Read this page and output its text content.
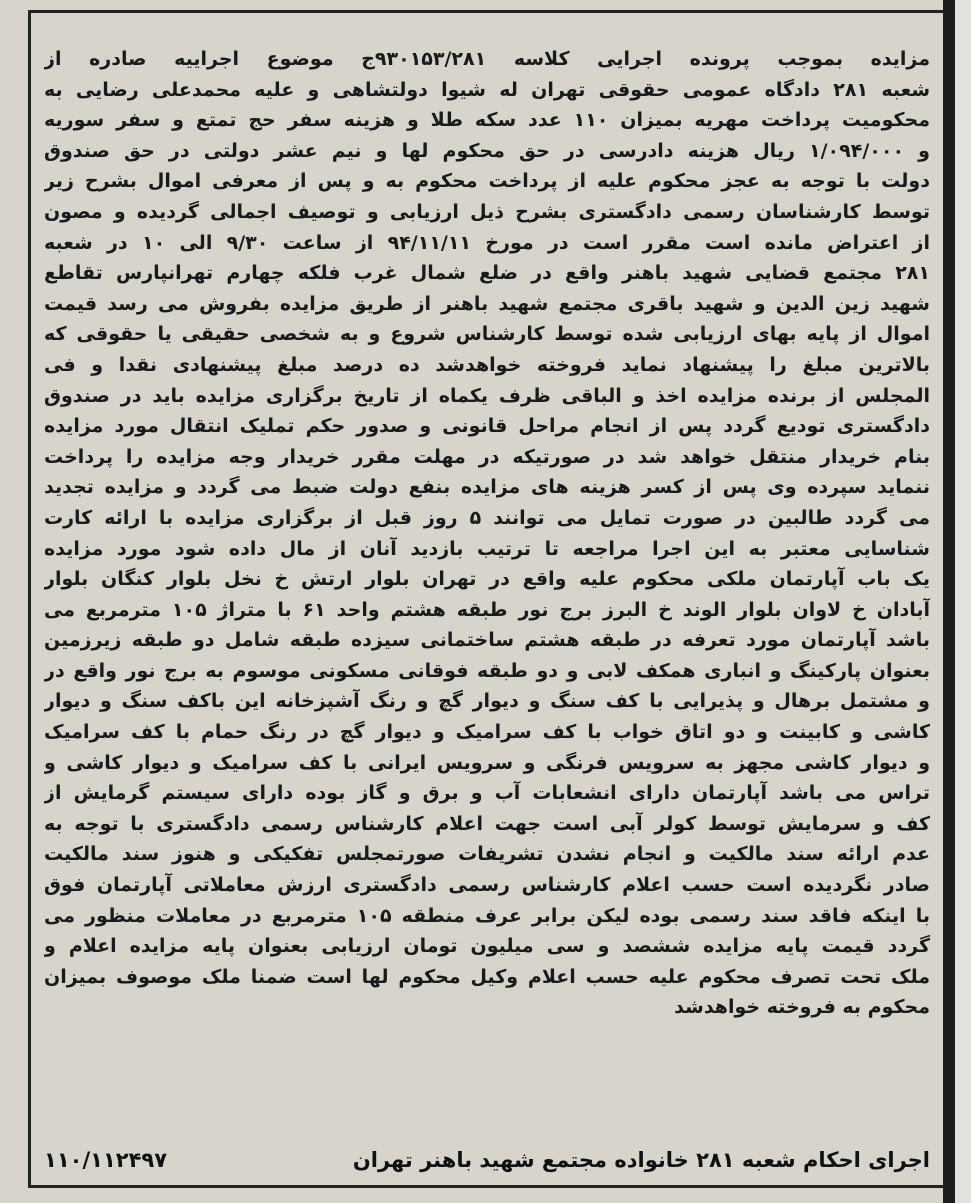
مزایده بموجب پرونده اجرایی کلاسه ۹۳۰۱۵۳/۲۸۱ج موضوع اجراییه صادره از
شعبه ۲۸۱ دادگاه عمومی حقوقی تهران له شیوا دولتشاهی و علیه محمدعلی رضایی به
محکومیت پرداخت مهریه بمیزان ۱۱۰ عدد سکه طلا و هزینه سفر حج تمتع و سفر سوریه
و ۱/۰۹۴/۰۰۰ ریال هزینه دادرسی در حق محکوم لها و نیم عشر دولتی در حق صندوق
دولت با توجه به عجز محکوم علیه از پرداخت محکوم به و پس از معرفی اموال بشرح زیر
توسط کارشناسان رسمی دادگستری بشرح ذیل ارزیابی و توصیف اجمالی گردیده و مصون
از اعتراض مانده است مقرر است در مورخ ۹۴/۱۱/۱۱ از ساعت ۹/۳۰ الی ۱۰ در شعبه
۲۸۱ مجتمع قضایی شهید باهنر واقع در ضلع شمال غرب فلکه چهارم تهرانپارس تقاطع
شهید زین الدین و شهید باقری مجتمع شهید باهنر از طریق مزایده بفروش می رسد قیمت
اموال از پایه بهای ارزیابی شده توسط کارشناس شروع و به شخصی حقیقی یا حقوقی که
بالاترین مبلغ را پیشنهاد نماید فروخته خواهدشد ده درصد مبلغ پیشنهادی نقدا و فی
المجلس از برنده مزایده اخذ و الباقی ظرف یکماه از تاریخ برگزاری مزایده باید در صندوق
دادگستری تودیع گردد پس از انجام مراحل قانونی و صدور حکم تملیک انتقال مورد مزایده
بنام خریدار منتقل خواهد شد در صورتیکه در مهلت مقرر خریدار وجه مزایده را پرداخت
ننماید سپرده وی پس از کسر هزینه های مزایده بنفع دولت ضبط می گردد و مزایده تجدید
می گردد طالبین در صورت تمایل می توانند ۵ روز قبل از برگزاری مزایده با ارائه کارت
شناسایی معتبر به این اجرا مراجعه تا ترتیب بازدید آنان از مال داده شود مورد مزایده
یک باب آپارتمان ملکی محکوم علیه واقع در تهران بلوار ارتش خ نخل بلوار کنگان بلوار
آبادان خ لاوان بلوار الوند خ البرز برج نور طبقه هشتم واحد ۶۱ با متراژ ۱۰۵ مترمربع می
باشد آپارتمان مورد تعرفه در طبقه هشتم ساختمانی سیزده طبقه شامل دو طبقه زیرزمین
بعنوان پارکینگ و انباری همکف لابی و دو طبقه فوقانی مسکونی موسوم به برج نور واقع در
و مشتمل برهال و پذیرایی با کف سنگ و دیوار گچ و رنگ آشپزخانه این باکف سنگ و دیوار
کاشی و کابینت و دو اتاق خواب با کف سرامیک و دیوار گچ در رنگ حمام با کف سرامیک
و دیوار کاشی مجهز به سرویس فرنگی و سرویس ایرانی با کف سرامیک و دیوار کاشی و
تراس می باشد آپارتمان دارای انشعابات آب و برق و گاز بوده دارای سیستم گرمایش از
کف و سرمایش توسط کولر آبی است جهت اعلام کارشناس رسمی دادگستری با توجه به
عدم ارائه سند مالکیت و انجام نشدن تشریفات صورتمجلس تفکیکی و هنوز سند مالکیت
صادر نگردیده است حسب اعلام کارشناس رسمی دادگستری ارزش معاملاتی آپارتمان فوق
با اینکه فاقد سند رسمی بوده لیکن برابر عرف منطقه ۱۰۵ مترمربع در معاملات منظور می
گردد قیمت پایه مزایده ششصد و سی میلیون تومان ارزیابی بعنوان پایه مزایده اعلام و
ملک تحت تصرف محکوم علیه حسب اعلام وکیل محکوم لها است ضمنا ملک موصوف بمیزان
محکوم به فروخته خواهدشد
اجرای احکام شعبه ۲۸۱ خانواده مجتمع شهید باهنر تهران
۱۱۰/۱۱۲۴۹۷
